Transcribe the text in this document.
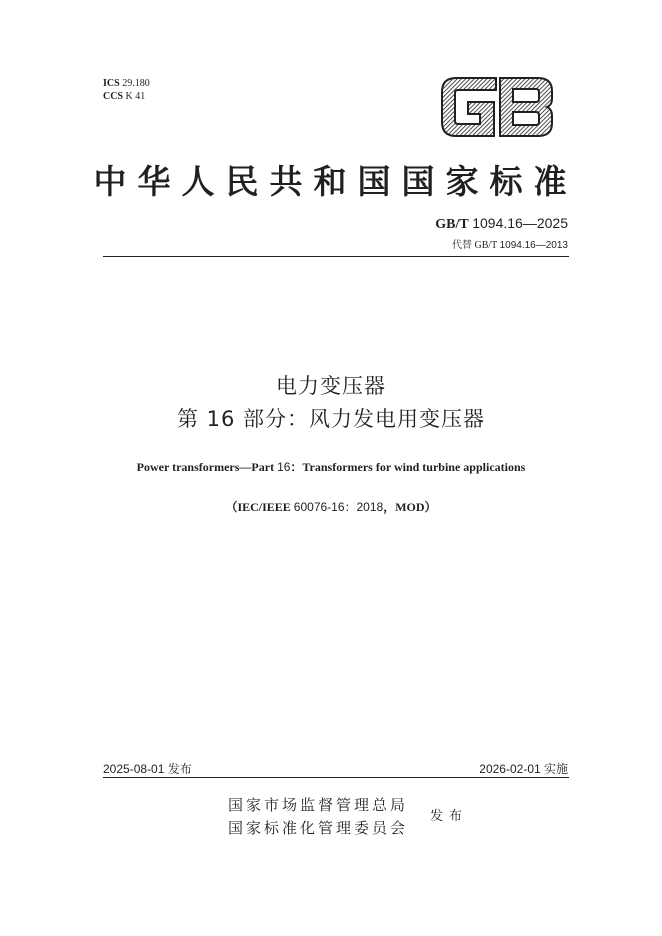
ICS 29.180
CCS K 41
中华人民共和国国家标准
GB/T 1094.16—2025
代替 GB/T 1094.16—2013
电力变压器
第 16 部分：风力发电用变压器
Power transformers—Part 16：Transformers for wind turbine applications
（IEC/IEEE 60076-16：2018，MOD）
2025-08-01 发布	2026-02-01 实施
国家市场监督管理总局
国家标准化管理委员会
发布
